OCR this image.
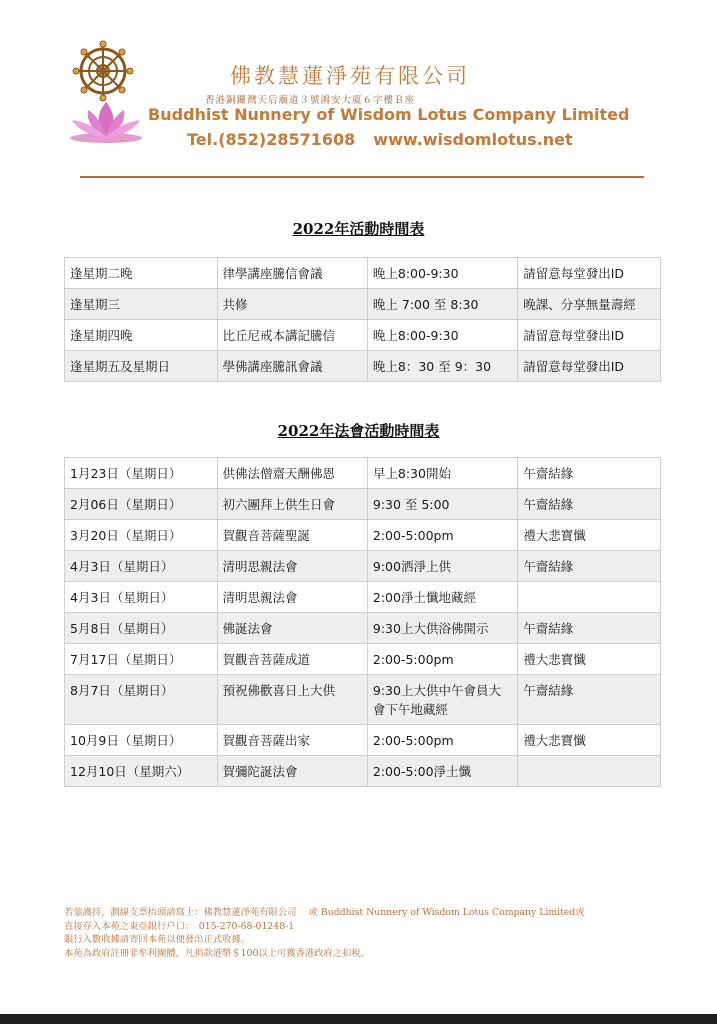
佛教慧蓮淨苑有限公司
香港銅鑼灣天后廟道３號鴻安大廈６字樓Ｂ座
Buddhist Nunnery of Wisdom Lotus Company Limited
Tel.(852)28571608 www.wisdomlotus.net
2022年活動時間表
逢星期二晚	律學講座騰信會議	晚上8:00-9:30	請留意每堂發出ID
逢星期三	共修	晚上 7:00 至 8:30	晚課、分享無量壽經
逢星期四晚	比丘尼戒本講記騰信	晚上8:00-9:30	請留意每堂發出ID
逢星期五及星期日	學佛講座騰訊會議	晚上8：30 至 9：30	請留意每堂發出ID
2022年法會活動時間表
1月23日（星期日）	供佛法僧齋天酬佛恩	早上8:30開始	午齋結緣
2月06日（星期日）	初六團拜上供生日會	9:30 至 5:00	午齋結緣
3月20日（星期日）	賀觀音菩薩聖誕	2:00-5:00pm	禮大悲寶懺
4月3日（星期日）	清明思親法會	9:00洒淨上供	午齋結緣
4月3日（星期日）	清明思親法會	2:00淨土懺地藏經	
5月8日（星期日）	佛誕法會	9:30上大供浴佛開示	午齋結緣
7月17日（星期日）	賀觀音菩薩成道	2:00-5:00pm	禮大悲寶懺
8月7日（星期日）	預祝佛歡喜日上大供	9:30上大供中午會員大會下午地藏經	午齋結緣
10月9日（星期日）	賀觀音菩薩出家	2:00-5:00pm	禮大悲寶懺
12月10日（星期六）	賀彌陀誕法會	2:00-5:00淨土懺	
若蒙護持，劃線支票抬頭請寫上：佛教慧蓮淨苑有限公司　 或 Buddhist Nunnery of Wisdom Lotus Company Limited或
直接存入本苑之東亞銀行户口：　015-270-68-01248-1
銀行入數收據請寄回本苑以便發出正式收據。
本苑為政府註冊非牟利團體，凡捐款港幣＄100以上可獲香港政府之扣稅。
